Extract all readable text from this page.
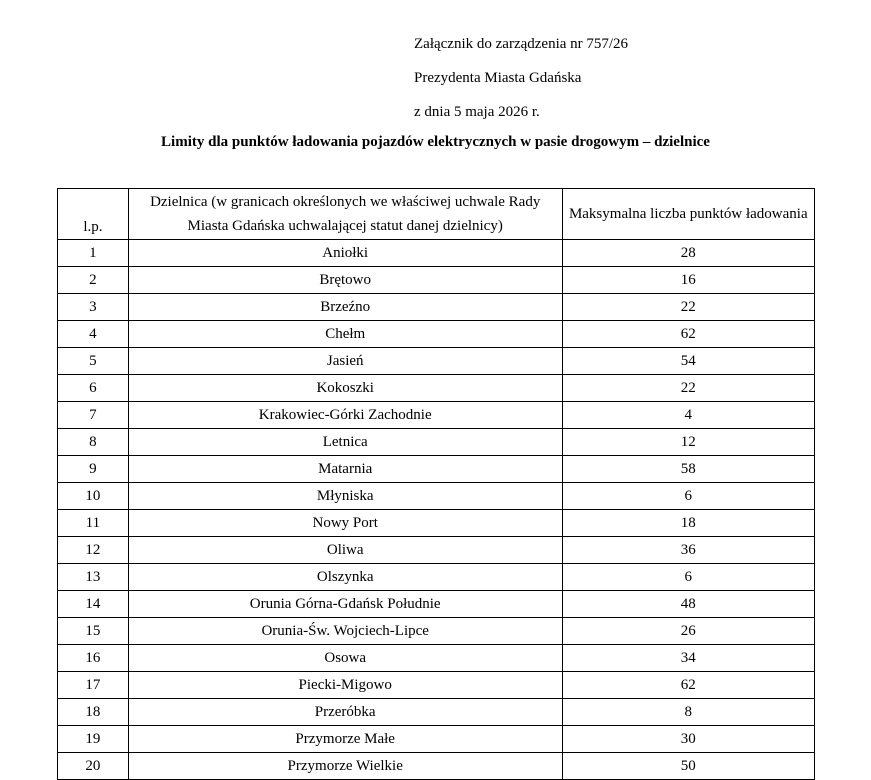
Załącznik do zarządzenia nr 757/26
Prezydenta Miasta Gdańska
z dnia 5 maja 2026 r.
Limity dla punktów ładowania pojazdów elektrycznych w pasie drogowym – dzielnice
l.p.	Dzielnica (w granicach określonych we właściwej uchwale Rady Miasta Gdańska uchwalającej statut danej dzielnicy)	Maksymalna liczba punktów ładowania
1	Aniołki	28
2	Brętowo	16
3	Brzeźno	22
4	Chełm	62
5	Jasień	54
6	Kokoszki	22
7	Krakowiec-Górki Zachodnie	4
8	Letnica	12
9	Matarnia	58
10	Młyniska	6
11	Nowy Port	18
12	Oliwa	36
13	Olszynka	6
14	Orunia Górna-Gdańsk Południe	48
15	Orunia-Św. Wojciech-Lipce	26
16	Osowa	34
17	Piecki-Migowo	62
18	Przeróbka	8
19	Przymorze Małe	30
20	Przymorze Wielkie	50
